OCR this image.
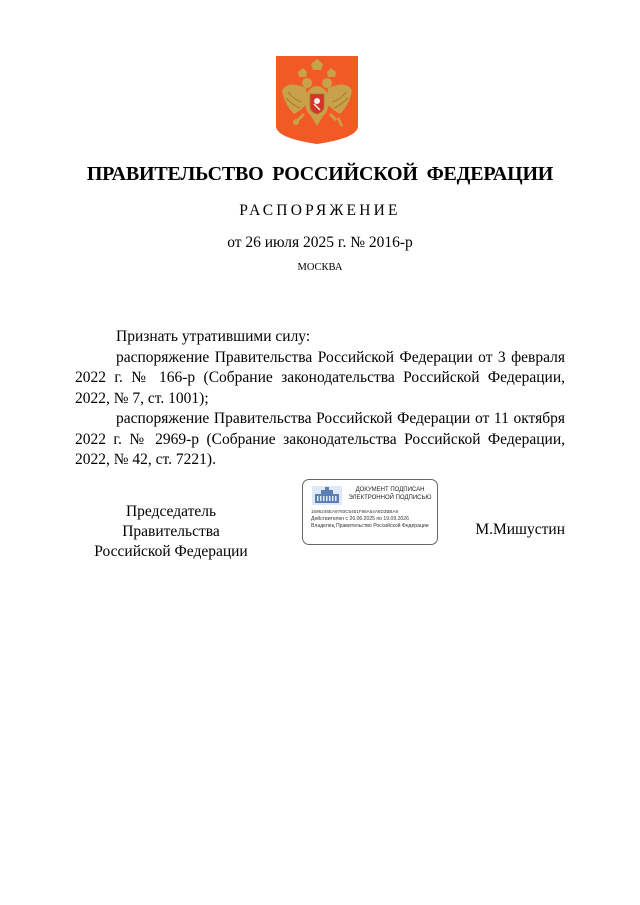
ПРАВИТЕЛЬСТВО РОССИЙСКОЙ ФЕДЕРАЦИИ
РАСПОРЯЖЕНИЕ
от 26 июля 2025 г. № 2016-р
МОСКВА

Признать утратившими силу:

распоряжение Правительства Российской Федерации от 3 февраля 2022 г. № 166-р (Собрание законодательства Российской Федерации, 2022, № 7, ст. 1001);

распоряжение Правительства Российской Федерации от 11 октября 2022 г. № 2969-р (Собрание законодательства Российской Федерации, 2022, № 42, ст. 7221).

Председатель Правительства
Российской Федерации
ДОКУМЕНТ ПОДПИСАН ЭЛЕКТРОННОЙ ПОДПИСЬЮ
1696246EA9793C5451F98A54A8D3BBA9
Действителен с 26.06.2025 по 19.09.2026
Владелец Правительство Российской Федерации	М.Мишустин
